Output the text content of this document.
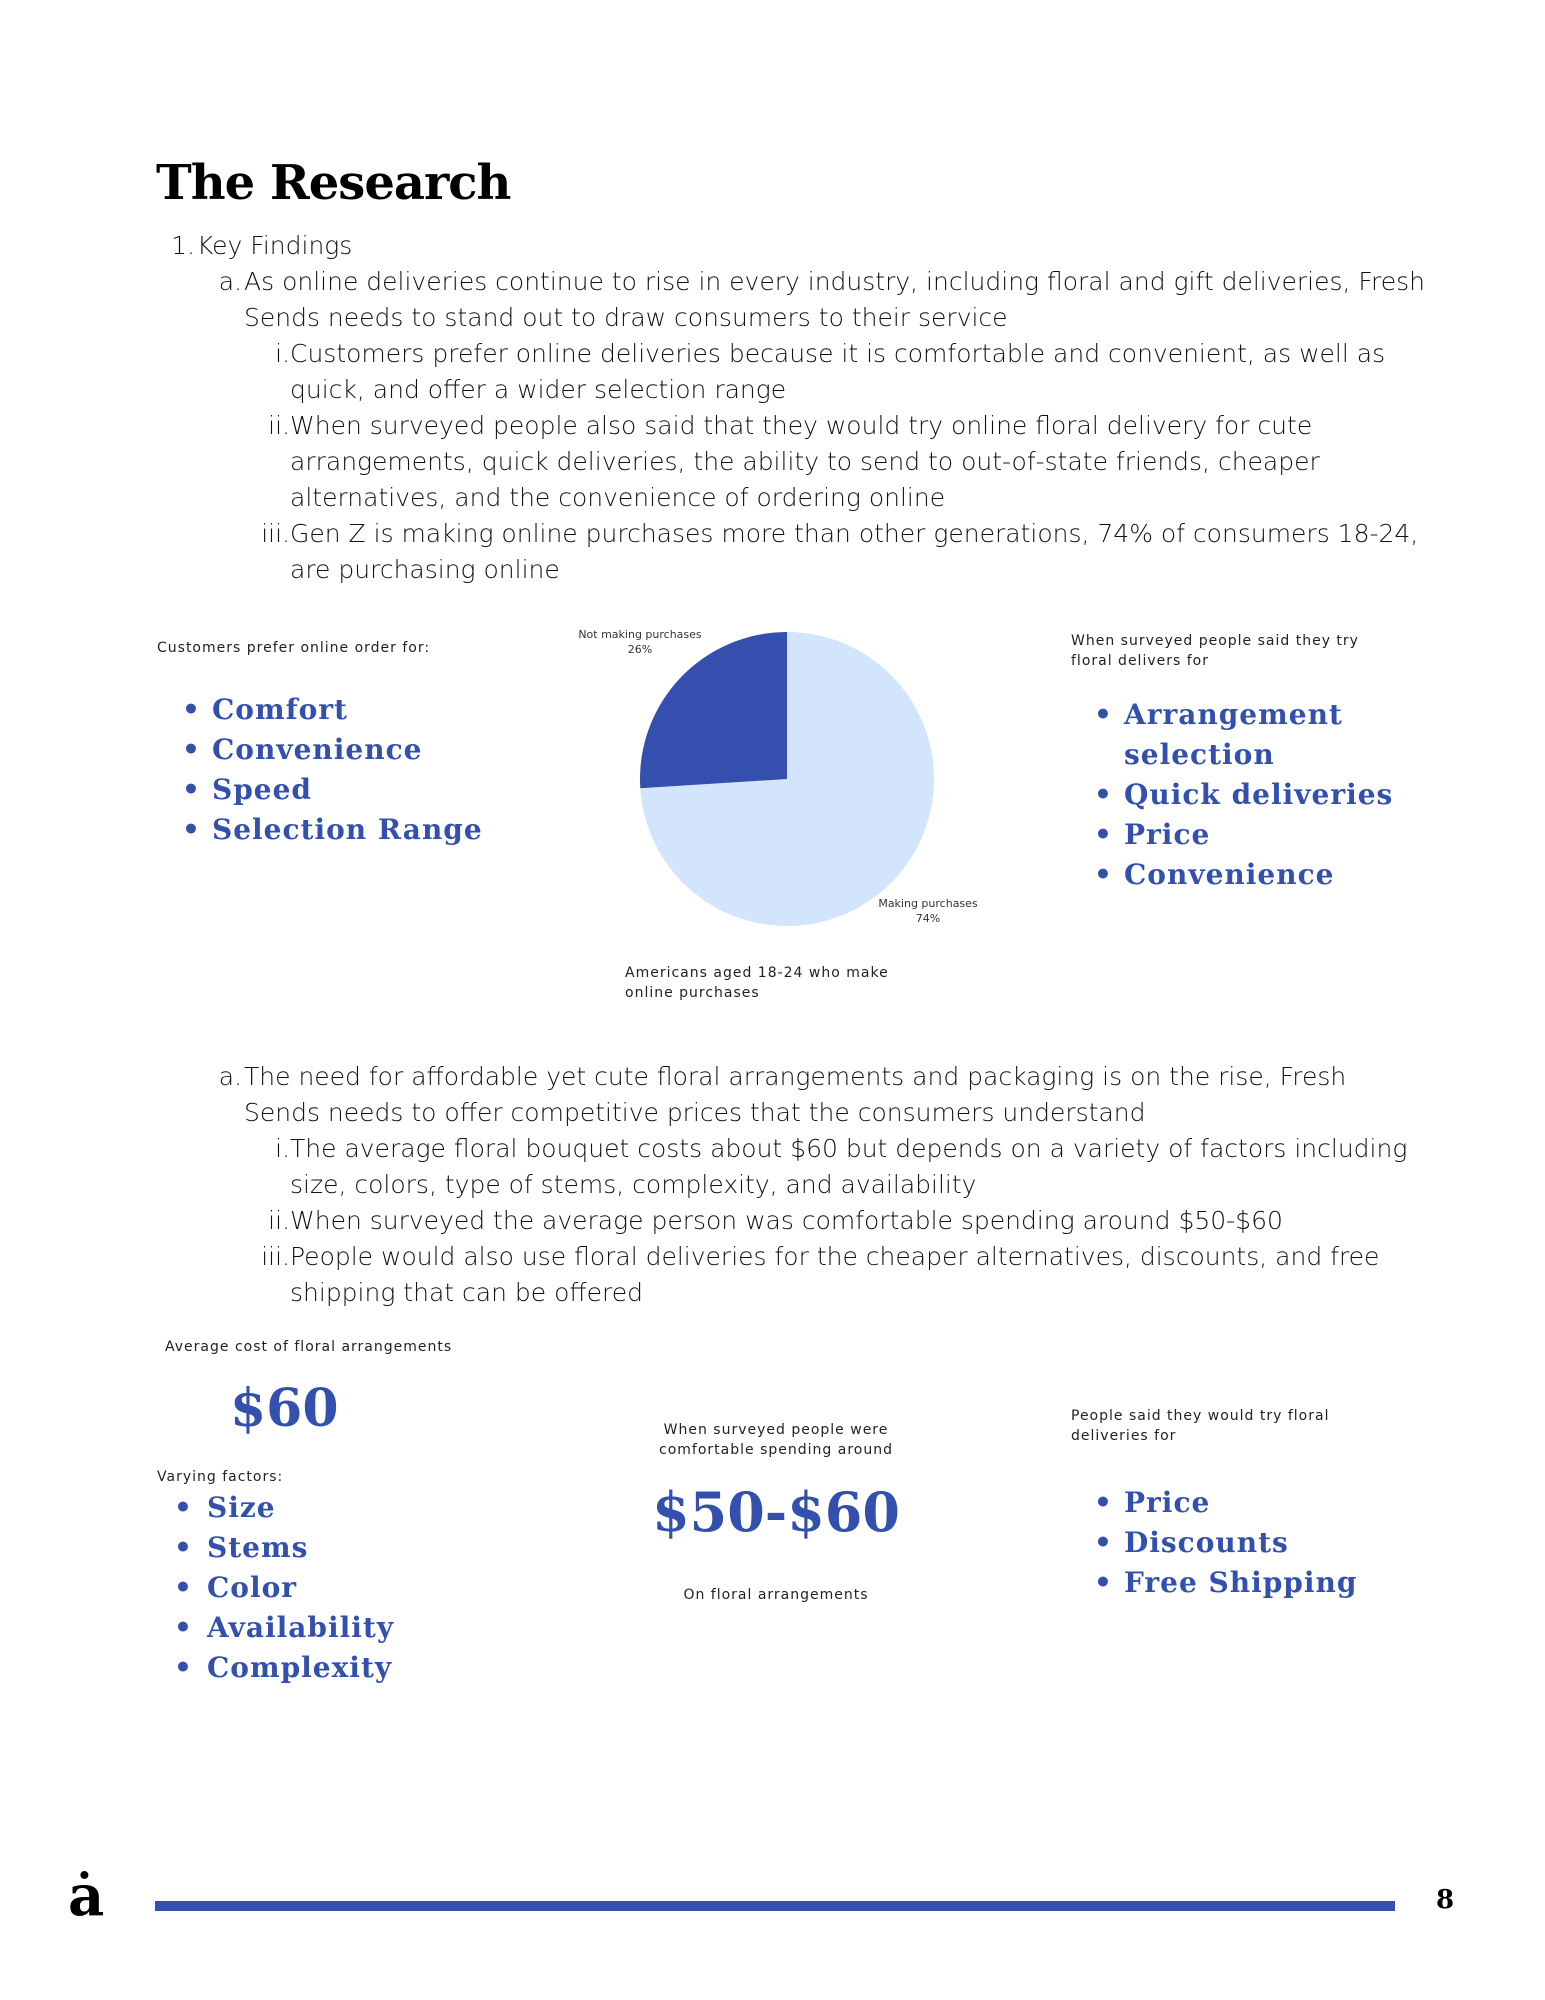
The Research
1. Key Findings
a. As online deliveries continue to rise in every industry, including floral and gift deliveries, Fresh
Sends needs to stand out to draw consumers to their service
i. Customers prefer online deliveries because it is comfortable and convenient, as well as
quick, and offer a wider selection range
ii. When surveyed people also said that they would try online floral delivery for cute
arrangements, quick deliveries, the ability to send to out-of-state friends, cheaper
alternatives, and the convenience of ordering online
iii. Gen Z is making online purchases more than other generations, 74% of consumers 18-24,
are purchasing online
Customers prefer online order for:
• Comfort
• Convenience
• Speed
• Selection Range
Not making purchases
26%
Making purchases
74%
Americans aged 18-24 who make
online purchases
When surveyed people said they try
floral delivers for
• Arrangement
selection
• Quick deliveries
• Price
• Convenience
a. The need for affordable yet cute floral arrangements and packaging is on the rise, Fresh
Sends needs to offer competitive prices that the consumers understand
i. The average floral bouquet costs about $60 but depends on a variety of factors including
size, colors, type of stems, complexity, and availability
ii. When surveyed the average person was comfortable spending around $50-$60
iii. People would also use floral deliveries for the cheaper alternatives, discounts, and free
shipping that can be offered
Average cost of floral arrangements
$60
Varying factors:
• Size
• Stems
• Color
• Availability
• Complexity
When surveyed people were
comfortable spending around
$50-$60
On floral arrangements
People said they would try floral
deliveries for
• Price
• Discounts
• Free Shipping
ȧ	8
